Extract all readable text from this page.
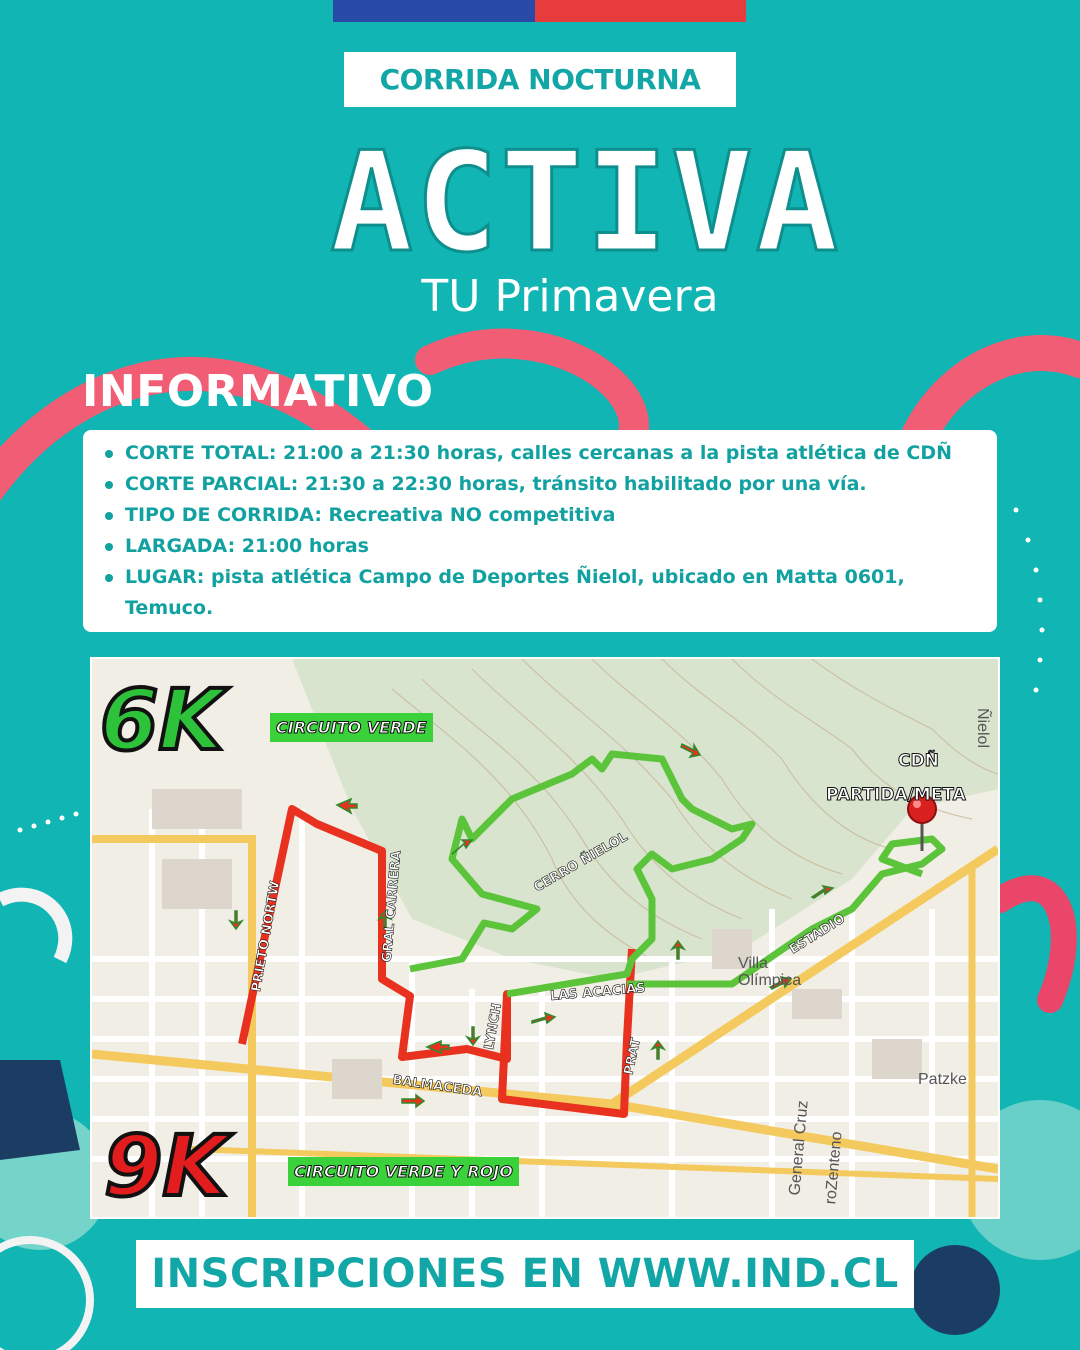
CORRIDA NOCTURNA
ACTIVA
TU Primavera
INFORMATIVO
CORTE TOTAL: 21:00 a 21:30 horas, calles cercanas a la pista atlética de CDÑ
CORTE PARCIAL: 21:30 a 22:30 horas, tránsito habilitado por una vía.
TIPO DE CORRIDA: Recreativa NO competitiva
LARGADA: 21:00 horas
LUGAR: pista atlética Campo de Deportes Ñielol, ubicado en Matta 0601, Temuco.
6K	CIRCUITO VERDE
9K	CIRCUITO VERDE Y ROJO
CDÑ
PARTIDA/META
PRIETO NORTW	GRAL CARRERA	CERRO ÑIELOL
ESTADIO
LAS ACACIAS
LYNCH
PRAT
BALMACEDA
Villa Olímpica
Patzke
Ñielol
General Cruz roZenteno
INSCRIPCIONES EN WWW.IND.CL
